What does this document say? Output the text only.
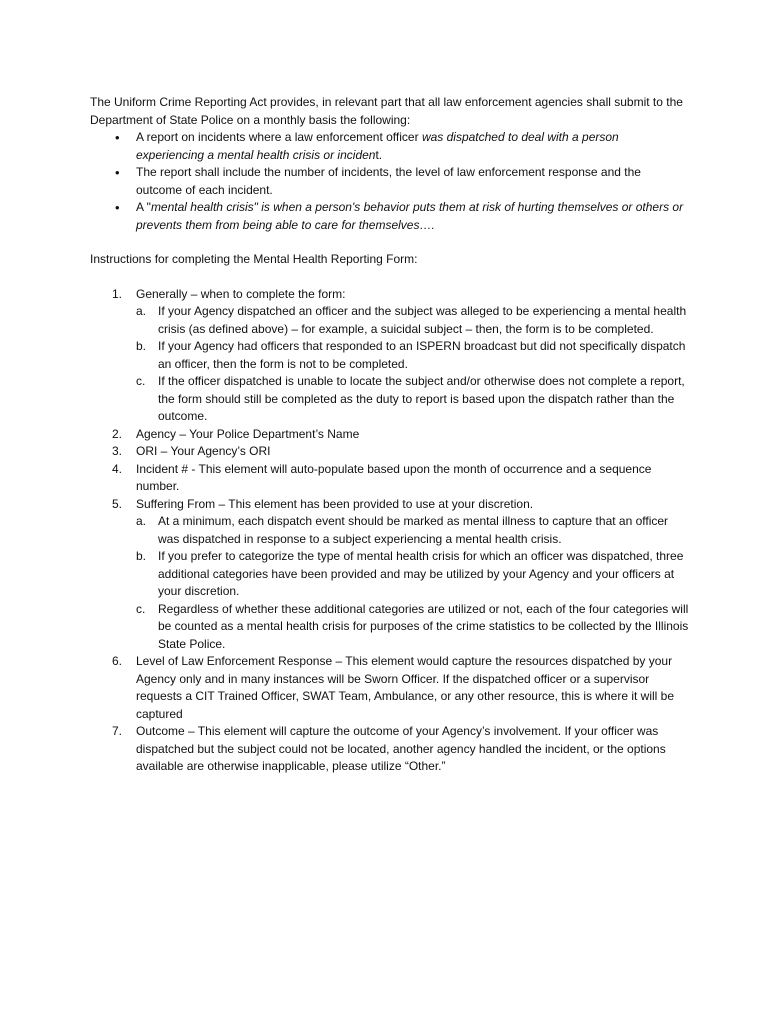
The Uniform Crime Reporting Act provides, in relevant part that all law enforcement agencies shall submit to the Department of State Police on a monthly basis the following:

• A report on incidents where a law enforcement officer was dispatched to deal with a person experiencing a mental health crisis or incident.
• The report shall include the number of incidents, the level of law enforcement response and the outcome of each incident.
• A "mental health crisis" is when a person's behavior puts them at risk of hurting themselves or others or prevents them from being able to care for themselves….

Instructions for completing the Mental Health Reporting Form:

1. Generally – when to complete the form:
a. If your Agency dispatched an officer and the subject was alleged to be experiencing a mental health crisis (as defined above) – for example, a suicidal subject – then, the form is to be completed.
b. If your Agency had officers that responded to an ISPERN broadcast but did not specifically dispatch an officer, then the form is not to be completed.
c. If the officer dispatched is unable to locate the subject and/or otherwise does not complete a report, the form should still be completed as the duty to report is based upon the dispatch rather than the outcome.
2. Agency – Your Police Department’s Name
3. ORI – Your Agency’s ORI
4. Incident # - This element will auto-populate based upon the month of occurrence and a sequence number.
5. Suffering From – This element has been provided to use at your discretion.
a. At a minimum, each dispatch event should be marked as mental illness to capture that an officer was dispatched in response to a subject experiencing a mental health crisis.
b. If you prefer to categorize the type of mental health crisis for which an officer was dispatched, three additional categories have been provided and may be utilized by your Agency and your officers at your discretion.
c. Regardless of whether these additional categories are utilized or not, each of the four categories will be counted as a mental health crisis for purposes of the crime statistics to be collected by the Illinois State Police.
6. Level of Law Enforcement Response – This element would capture the resources dispatched by your Agency only and in many instances will be Sworn Officer. If the dispatched officer or a supervisor requests a CIT Trained Officer, SWAT Team, Ambulance, or any other resource, this is where it will be captured
7. Outcome – This element will capture the outcome of your Agency’s involvement. If your officer was dispatched but the subject could not be located, another agency handled the incident, or the options available are otherwise inapplicable, please utilize “Other.”
